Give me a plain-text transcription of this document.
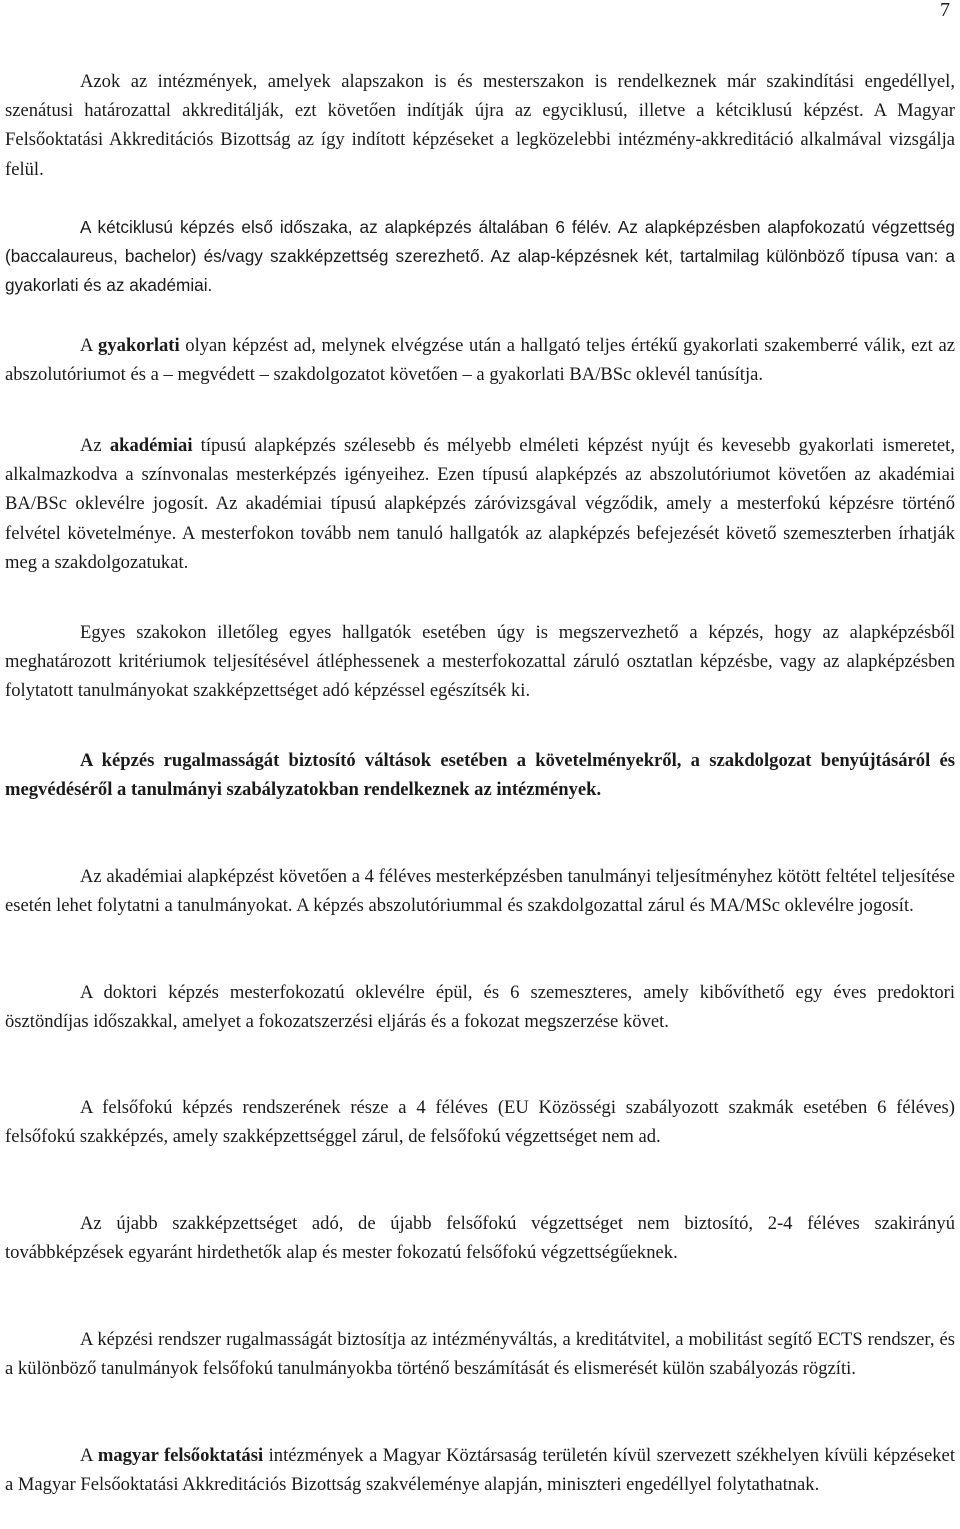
7

Azok az intézmények, amelyek alapszakon is és mesterszakon is rendelkeznek már szakindítási engedéllyel, szenátusi határozattal akkreditálják, ezt követően indítják újra az egyciklusú, illetve a kétciklusú képzést. A Magyar Felsőoktatási Akkreditációs Bizottság az így indított képzéseket a legközelebbi intézmény-akkreditáció alkalmával vizsgálja felül.

A kétciklusú képzés első időszaka, az alapképzés általában 6 félév. Az alapképzésben alapfokozatú végzettség (baccalaureus, bachelor) és/vagy szakképzettség szerezhető. Az alap-képzésnek két, tartalmilag különböző típusa van: a gyakorlati és az akadémiai.

A gyakorlati olyan képzést ad, melynek elvégzése után a hallgató teljes értékű gyakorlati szakemberré válik, ezt az abszolutóriumot és a – megvédett – szakdolgozatot követően – a gyakorlati BA/BSc oklevél tanúsítja.

Az akadémiai típusú alapképzés szélesebb és mélyebb elméleti képzést nyújt és kevesebb gyakorlati ismeretet, alkalmazkodva a színvonalas mesterképzés igényeihez. Ezen típusú alapképzés az abszolutóriumot követően az akadémiai BA/BSc oklevélre jogosít. Az akadémiai típusú alapképzés záróvizsgával végződik, amely a mesterfokú képzésre történő felvétel követelménye. A mesterfokon tovább nem tanuló hallgatók az alapképzés befejezését követő szemeszterben írhatják meg a szakdolgozatukat.

Egyes szakokon illetőleg egyes hallgatók esetében úgy is megszervezhető a képzés, hogy az alapképzésből meghatározott kritériumok teljesítésével átléphessenek a mesterfokozattal záruló osztatlan képzésbe, vagy az alapképzésben folytatott tanulmányokat szakképzettséget adó képzéssel egészítsék ki.

A képzés rugalmasságát biztosító váltások esetében a követelményekről, a szakdolgozat benyújtásáról és megvédéséről a tanulmányi szabályzatokban rendelkeznek az intézmények.

Az akadémiai alapképzést követően a 4 féléves mesterképzésben tanulmányi teljesítményhez kötött feltétel teljesítése esetén lehet folytatni a tanulmányokat. A képzés abszolutóriummal és szakdolgozattal zárul és MA/MSc oklevélre jogosít.

A doktori képzés mesterfokozatú oklevélre épül, és 6 szemeszteres, amely kibővíthető egy éves predoktori ösztöndíjas időszakkal, amelyet a fokozatszerzési eljárás és a fokozat megszerzése követ.

A felsőfokú képzés rendszerének része a 4 féléves (EU Közösségi szabályozott szakmák esetében 6 féléves) felsőfokú szakképzés, amely szakképzettséggel zárul, de felsőfokú végzettséget nem ad.

Az újabb szakképzettséget adó, de újabb felsőfokú végzettséget nem biztosító, 2-4 féléves szakirányú továbbképzések egyaránt hirdethetők alap és mester fokozatú felsőfokú végzettségűeknek.

A képzési rendszer rugalmasságát biztosítja az intézményváltás, a kreditátvitel, a mobilitást segítő ECTS rendszer, és a különböző tanulmányok felsőfokú tanulmányokba történő beszámítását és elismerését külön szabályozás rögzíti.

A magyar felsőoktatási intézmények a Magyar Köztársaság területén kívül szervezett székhelyen kívüli képzéseket a Magyar Felsőoktatási Akkreditációs Bizottság szakvéleménye alapján, miniszteri engedéllyel folytathatnak.
